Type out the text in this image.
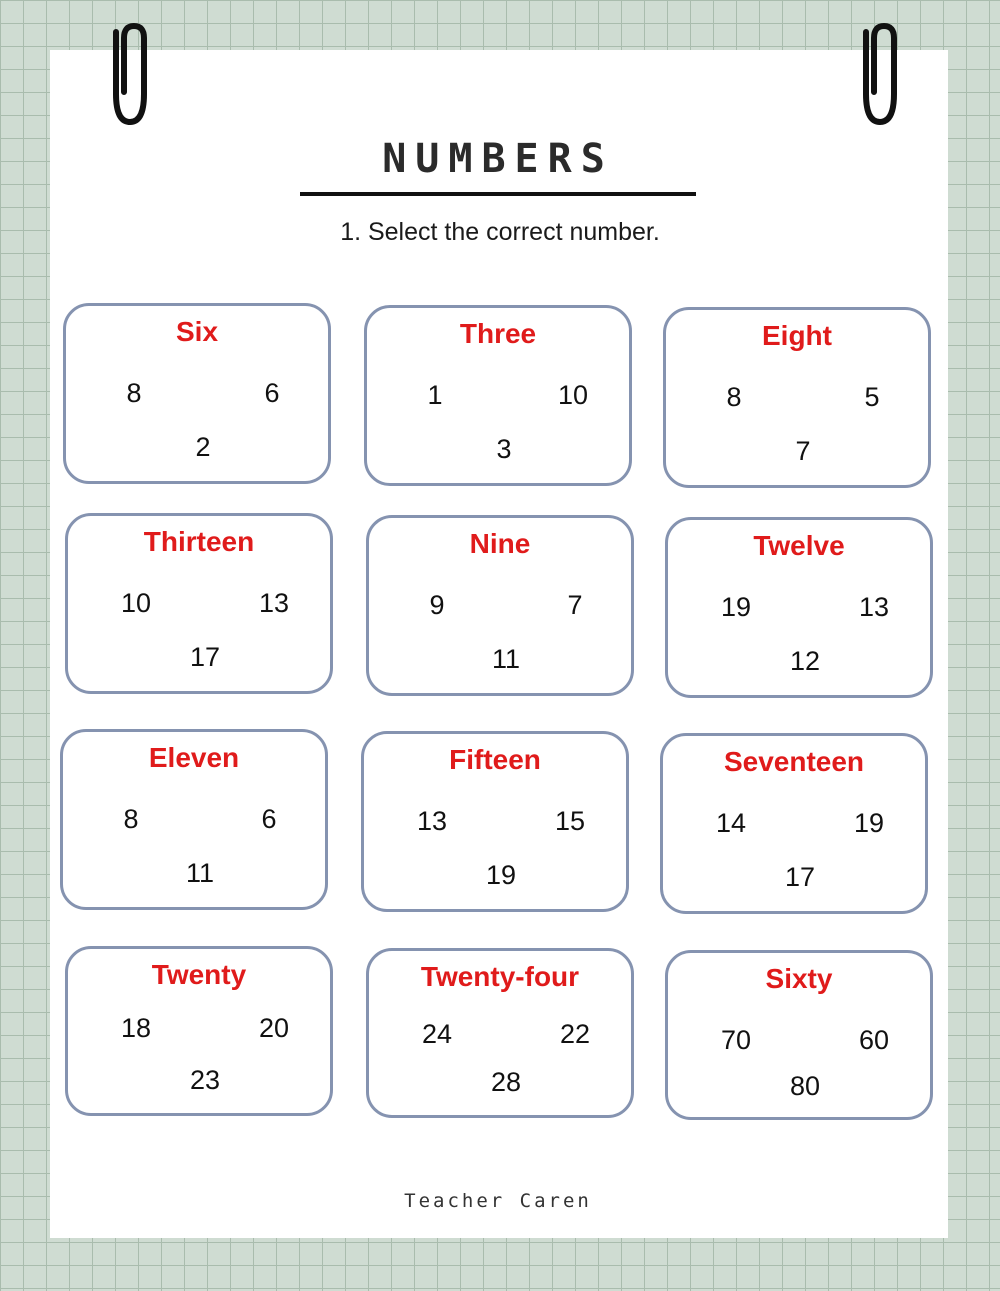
NUMBERS
1. Select the correct number.
Six
8	6
2
Three
1	10
3
Eight
8	5
7
Thirteen
10	13
17
Nine
9	7
11
Twelve
19	13
12
Eleven
8	6
11
Fifteen
13	15
19
Seventeen
14	19
17
Twenty
18	20
23
Twenty-four
24	22
28
Sixty
70	60
80
Teacher Caren
